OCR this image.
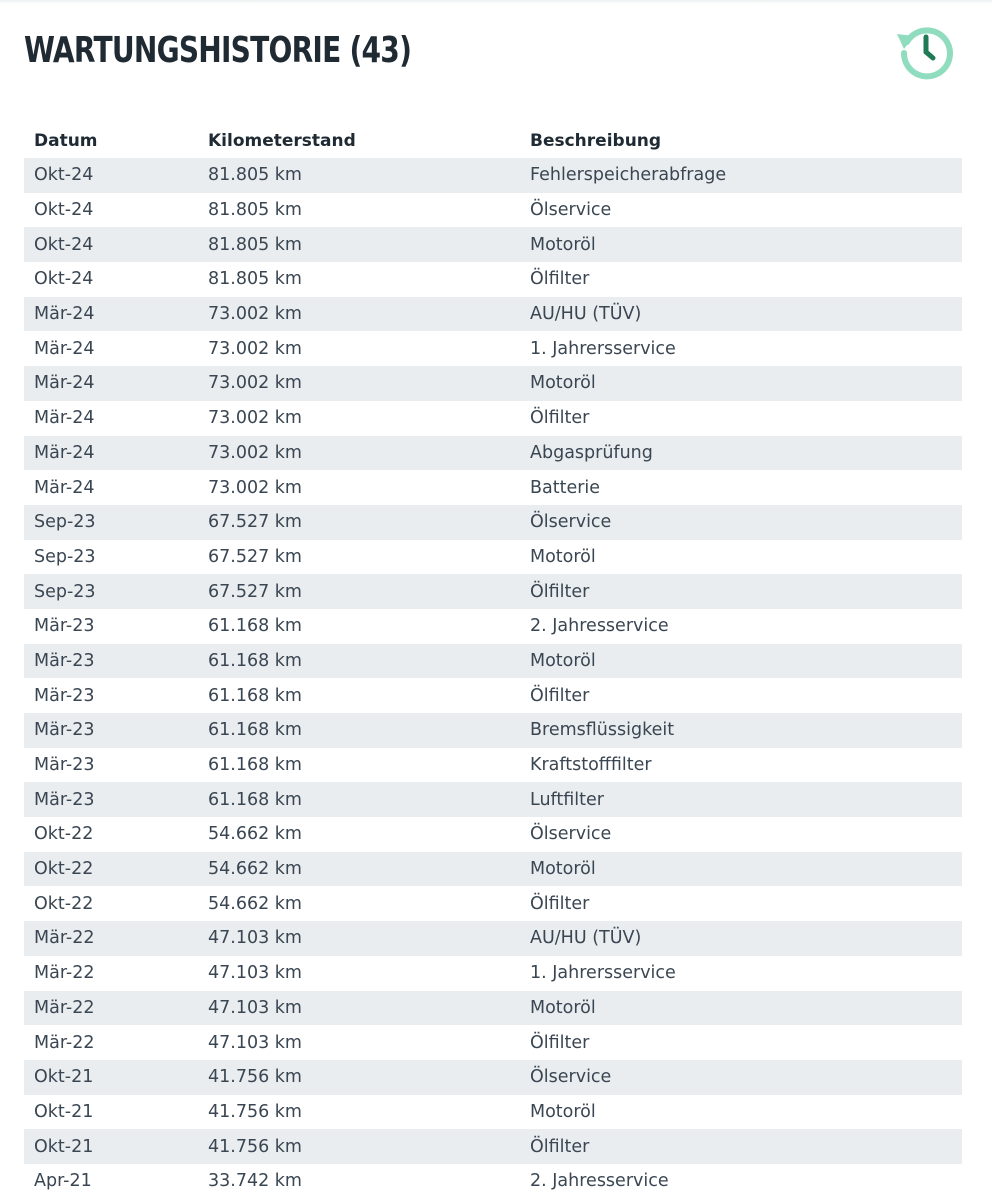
WARTUNGSHISTORIE (43)
Datum	Kilometerstand	Beschreibung
Okt-24	81.805 km	Fehlerspeicherabfrage
Okt-24	81.805 km	Ölservice
Okt-24	81.805 km	Motoröl
Okt-24	81.805 km	Ölfilter
Mär-24	73.002 km	AU/HU (TÜV)
Mär-24	73.002 km	1. Jahrersservice
Mär-24	73.002 km	Motoröl
Mär-24	73.002 km	Ölfilter
Mär-24	73.002 km	Abgasprüfung
Mär-24	73.002 km	Batterie
Sep-23	67.527 km	Ölservice
Sep-23	67.527 km	Motoröl
Sep-23	67.527 km	Ölfilter
Mär-23	61.168 km	2. Jahresservice
Mär-23	61.168 km	Motoröl
Mär-23	61.168 km	Ölfilter
Mär-23	61.168 km	Bremsflüssigkeit
Mär-23	61.168 km	Kraftstofffilter
Mär-23	61.168 km	Luftfilter
Okt-22	54.662 km	Ölservice
Okt-22	54.662 km	Motoröl
Okt-22	54.662 km	Ölfilter
Mär-22	47.103 km	AU/HU (TÜV)
Mär-22	47.103 km	1. Jahrersservice
Mär-22	47.103 km	Motoröl
Mär-22	47.103 km	Ölfilter
Okt-21	41.756 km	Ölservice
Okt-21	41.756 km	Motoröl
Okt-21	41.756 km	Ölfilter
Apr-21	33.742 km	2. Jahresservice
